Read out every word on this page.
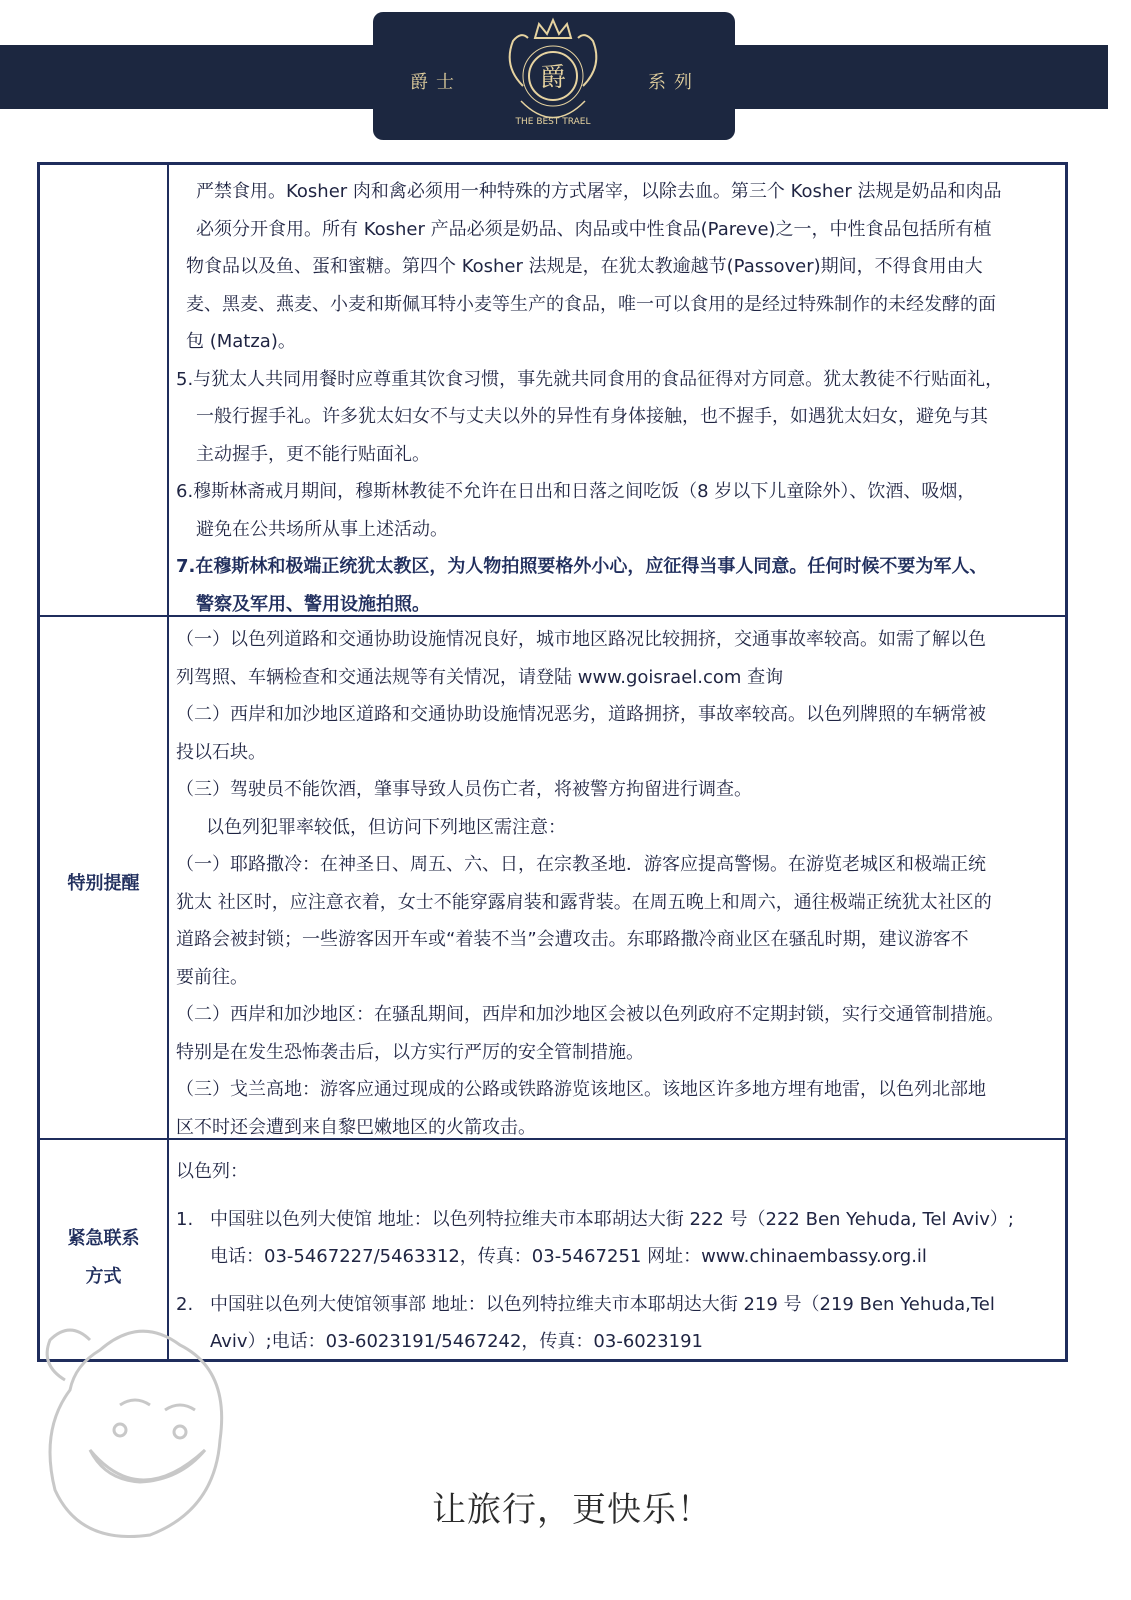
爵士	系列
爵
THE BEST TRAEL

严禁食用。Kosher 肉和禽必须用一种特殊的方式屠宰，以除去血。第三个 Kosher 法规是奶品和肉品

必须分开食用。所有 Kosher 产品必须是奶品、肉品或中性食品(Pareve)之一，中性食品包括所有植

物食品以及鱼、蛋和蜜糖。第四个 Kosher 法规是，在犹太教逾越节(Passover)期间，不得食用由大

麦、黑麦、燕麦、小麦和斯佩耳特小麦等生产的食品，唯一可以食用的是经过特殊制作的未经发酵的面

包 (Matza)。

5.与犹太人共同用餐时应尊重其饮食习惯，事先就共同食用的食品征得对方同意。犹太教徒不行贴面礼，

一般行握手礼。许多犹太妇女不与丈夫以外的异性有身体接触，也不握手，如遇犹太妇女，避免与其

主动握手，更不能行贴面礼。

6.穆斯林斋戒月期间，穆斯林教徒不允许在日出和日落之间吃饭（8 岁以下儿童除外）、饮酒、吸烟，

避免在公共场所从事上述活动。

7.在穆斯林和极端正统犹太教区，为人物拍照要格外小心，应征得当事人同意。任何时候不要为军人、

警察及军用、警用设施拍照。

特别提醒

（一）以色列道路和交通协助设施情况良好，城市地区路况比较拥挤，交通事故率较高。如需了解以色

列驾照、车辆检查和交通法规等有关情况，请登陆 www.goisrael.com 查询

（二）西岸和加沙地区道路和交通协助设施情况恶劣，道路拥挤，事故率较高。以色列牌照的车辆常被

投以石块。

（三）驾驶员不能饮酒，肇事导致人员伤亡者，将被警方拘留进行调查。

以色列犯罪率较低，但访问下列地区需注意：

（一）耶路撒冷：在神圣日、周五、六、日，在宗教圣地．游客应提高警惕。在游览老城区和极端正统

犹太 社区时，应注意衣着，女士不能穿露肩装和露背装。在周五晚上和周六，通往极端正统犹太社区的

道路会被封锁；一些游客因开车或“着装不当”会遭攻击。东耶路撒冷商业区在骚乱时期，建议游客不

要前往。

（二）西岸和加沙地区：在骚乱期间，西岸和加沙地区会被以色列政府不定期封锁，实行交通管制措施。

特别是在发生恐怖袭击后，以方实行严厉的安全管制措施。

（三）戈兰高地：游客应通过现成的公路或铁路游览该地区。该地区许多地方埋有地雷，以色列北部地

区不时还会遭到来自黎巴嫩地区的火箭攻击。

紧急联系
方式

以色列：

1. 中国驻以色列大使馆 地址：以色列特拉维夫市本耶胡达大街 222 号（222 Ben Yehuda, Tel Aviv）;

电话：03-5467227/5463312，传真：03-5467251 网址：www.chinaembassy.org.il

2. 中国驻以色列大使馆领事部 地址：以色列特拉维夫市本耶胡达大街 219 号（219 Ben Yehuda,Tel

Aviv）;电话：03-6023191/5467242，传真：03-6023191

让旅行，更快乐！
